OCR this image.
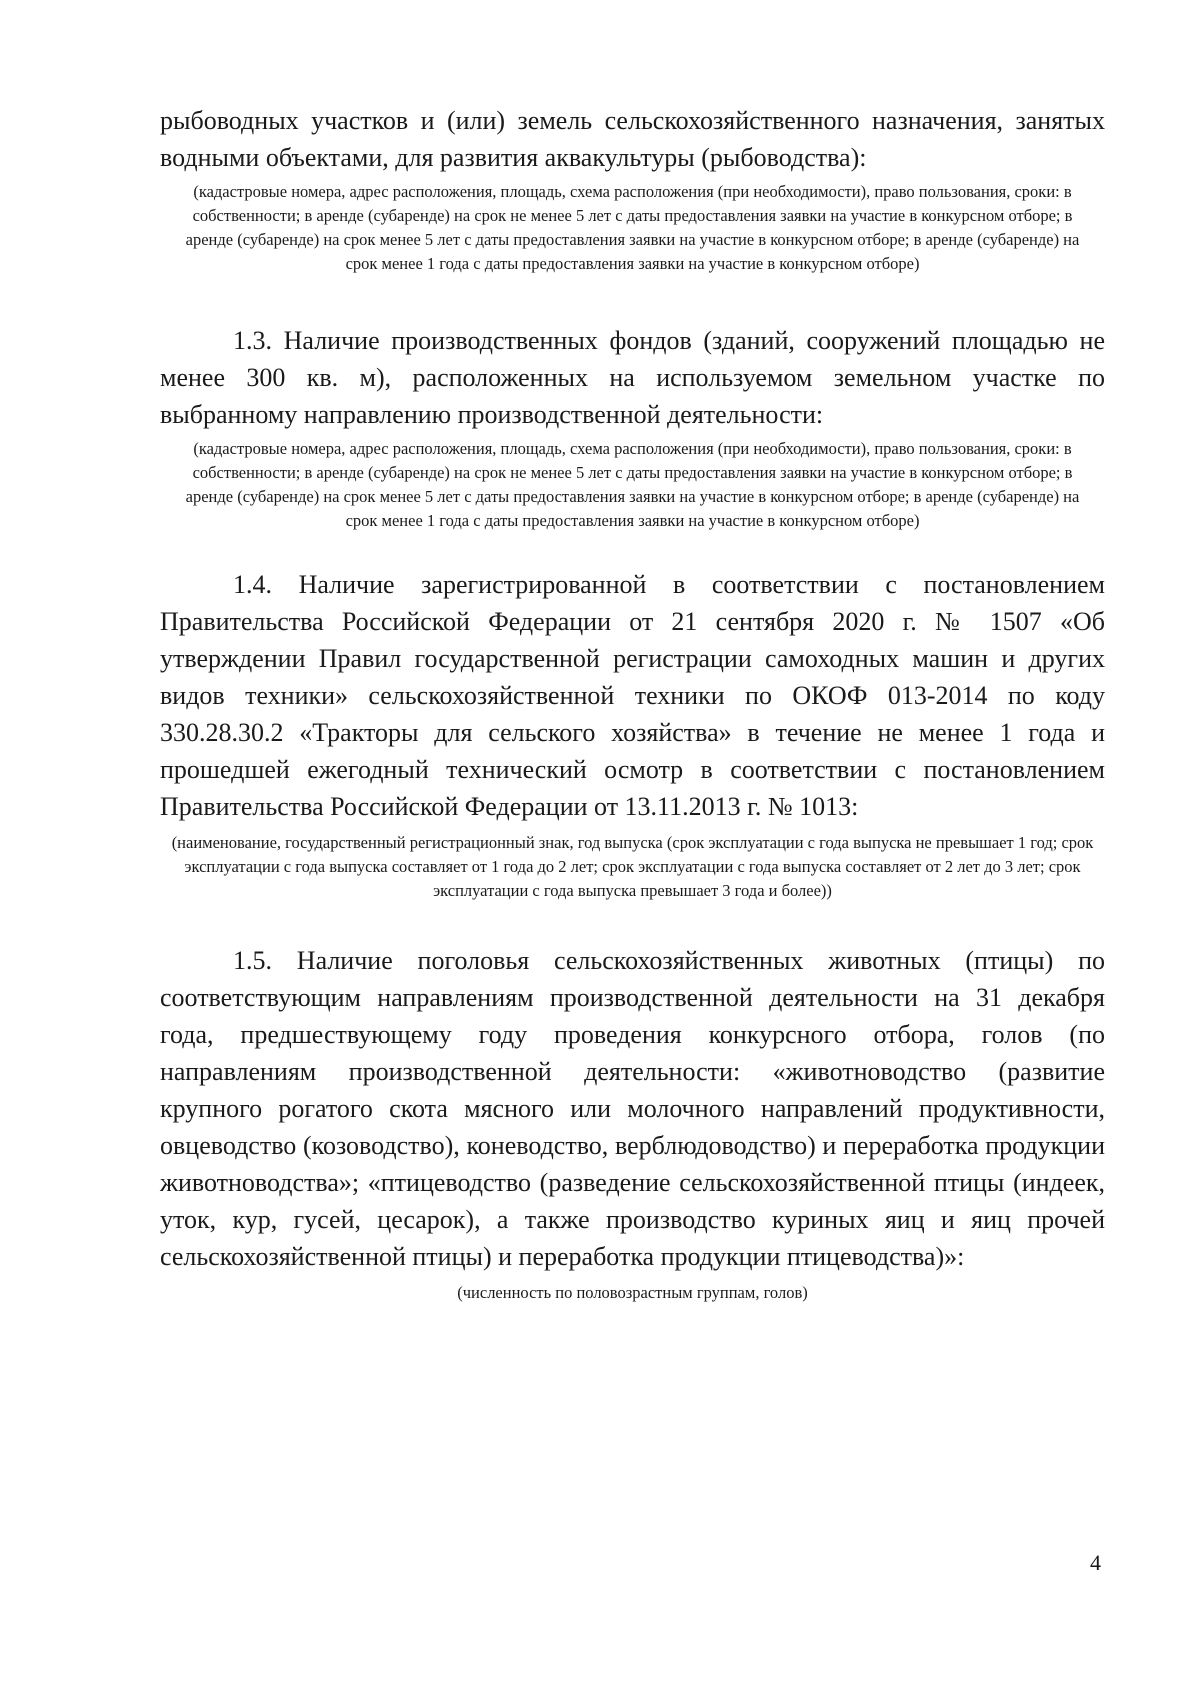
рыбоводных участков и (или) земель сельскохозяйственного назначения, занятых водными объектами, для развития аквакультуры (рыбоводства):

(кадастровые номера, адрес расположения, площадь, схема расположения (при необходимости), право пользования, сроки: в собственности; в аренде (субаренде) на срок не менее 5 лет с даты предоставления заявки на участие в конкурсном отборе; в аренде (субаренде) на срок менее 5 лет с даты предоставления заявки на участие в конкурсном отборе; в аренде (субаренде) на срок менее 1 года с даты предоставления заявки на участие в конкурсном отборе)

1.3. Наличие производственных фондов (зданий, сооружений площадью не менее 300 кв. м), расположенных на используемом земельном участке по выбранному направлению производственной деятельности:

(кадастровые номера, адрес расположения, площадь, схема расположения (при необходимости), право пользования, сроки: в собственности; в аренде (субаренде) на срок не менее 5 лет с даты предоставления заявки на участие в конкурсном отборе; в аренде (субаренде) на срок менее 5 лет с даты предоставления заявки на участие в конкурсном отборе; в аренде (субаренде) на срок менее 1 года с даты предоставления заявки на участие в конкурсном отборе)

1.4. Наличие зарегистрированной в соответствии с постановлением Правительства Российской Федерации от 21 сентября 2020 г. № 1507 «Об утверждении Правил государственной регистрации самоходных машин и других видов техники» сельскохозяйственной техники по ОКОФ 013-2014 по коду 330.28.30.2 «Тракторы для сельского хозяйства» в течение не менее 1 года и прошедшей ежегодный технический осмотр в соответствии с постановлением Правительства Российской Федерации от 13.11.2013 г. № 1013:

(наименование, государственный регистрационный знак, год выпуска (срок эксплуатации с года выпуска не превышает 1 год; срок эксплуатации с года выпуска составляет от 1 года до 2 лет; срок эксплуатации с года выпуска составляет от 2 лет до 3 лет; срок эксплуатации с года выпуска превышает 3 года и более))

1.5. Наличие поголовья сельскохозяйственных животных (птицы) по соответствующим направлениям производственной деятельности на 31 декабря года, предшествующему году проведения конкурсного отбора, голов (по направлениям производственной деятельности: «животноводство (развитие крупного рогатого скота мясного или молочного направлений продуктивности, овцеводство (козоводство), коневодство, верблюдоводство) и переработка продукции животноводства»; «птицеводство (разведение сельскохозяйственной птицы (индеек, уток, кур, гусей, цесарок), а также производство куриных яиц и яиц прочей сельскохозяйственной птицы) и переработка продукции птицеводства)»:

(численность по половозрастным группам, голов)

4
